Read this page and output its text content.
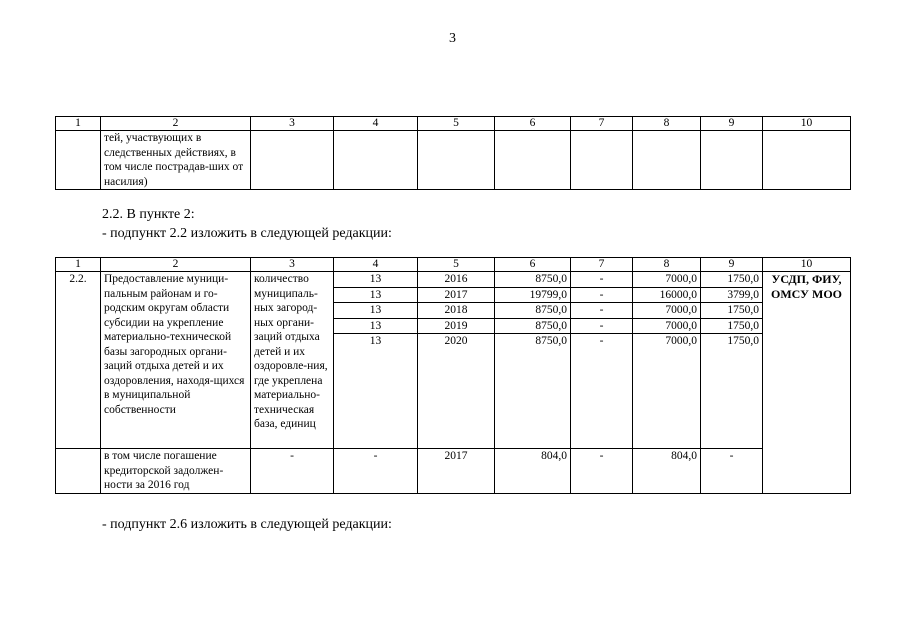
3
1	2	3	4	5	6	7	8	9	10
	тей, участвующих в следственных действиях, в том числе пострадав-ших от насилия)								
2.2. В пункте 2:
- подпункт 2.2 изложить в следующей редакции:
1	2	3	4	5	6	7	8	9	10
2.2.	Предоставление муници-пальным районам и го-родским округам области субсидии на укрепление материально-технической базы загородных органи-заций отдыха детей и их оздоровления, находя-щихся в муниципальной собственности	количество муниципаль-ных загород-ных органи-заций отдыха детей и их оздоровле-ния, где укреплена материально-техническая база, единиц	13	2016	8750,0	-	7000,0	1750,0	УСДП, ФИУ, ОМСУ МОО
			13	2017	19799,0	-	16000,0	3799,0	
			13	2018	8750,0	-	7000,0	1750,0	
			13	2019	8750,0	-	7000,0	1750,0	
			13	2020	8750,0	-	7000,0	1750,0	

	в том числе погашение кредиторской задолжен-ности за 2016 год	-	-	2017	804,0	-	804,0	-	
- подпункт 2.6 изложить в следующей редакции:
